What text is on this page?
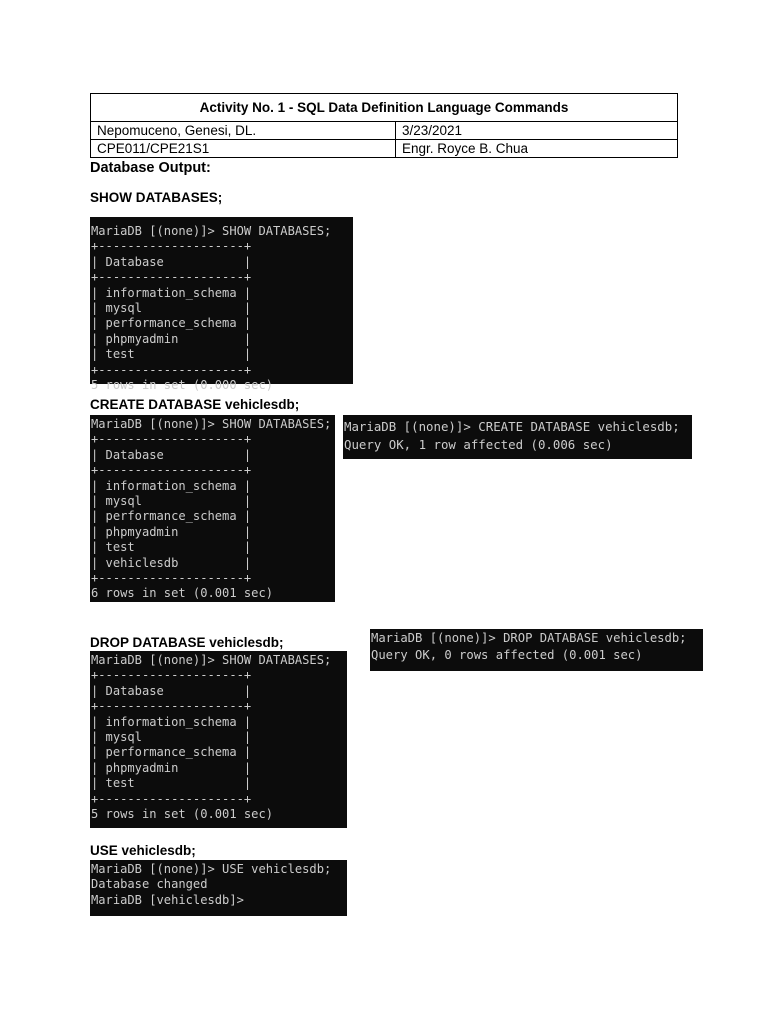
Activity No. 1 - SQL Data Definition Language Commands	
Nepomuceno, Genesi, DL.	3/23/2021
CPE011/CPE21S1	Engr. Royce B. Chua
Database Output:
SHOW DATABASES;
MariaDB [(none)]> SHOW DATABASES;
+--------------------+
| Database           |
+--------------------+
| information_schema |
| mysql              |
| performance_schema |
| phpmyadmin         |
| test               |
+--------------------+
5 rows in set (0.000 sec)
CREATE DATABASE vehiclesdb;
MariaDB [(none)]> SHOW DATABASES;
+--------------------+
| Database           |
+--------------------+
| information_schema |
| mysql              |
| performance_schema |
| phpmyadmin         |
| test               |
| vehiclesdb         |
+--------------------+
6 rows in set (0.001 sec)
MariaDB [(none)]> CREATE DATABASE vehiclesdb;
Query OK, 1 row affected (0.006 sec)
DROP DATABASE vehiclesdb;
MariaDB [(none)]> SHOW DATABASES;
+--------------------+
| Database           |
+--------------------+
| information_schema |
| mysql              |
| performance_schema |
| phpmyadmin         |
| test               |
+--------------------+
5 rows in set (0.001 sec)
MariaDB [(none)]> DROP DATABASE vehiclesdb;
Query OK, 0 rows affected (0.001 sec)
USE vehiclesdb;
MariaDB [(none)]> USE vehiclesdb;
Database changed
MariaDB [vehiclesdb]>
